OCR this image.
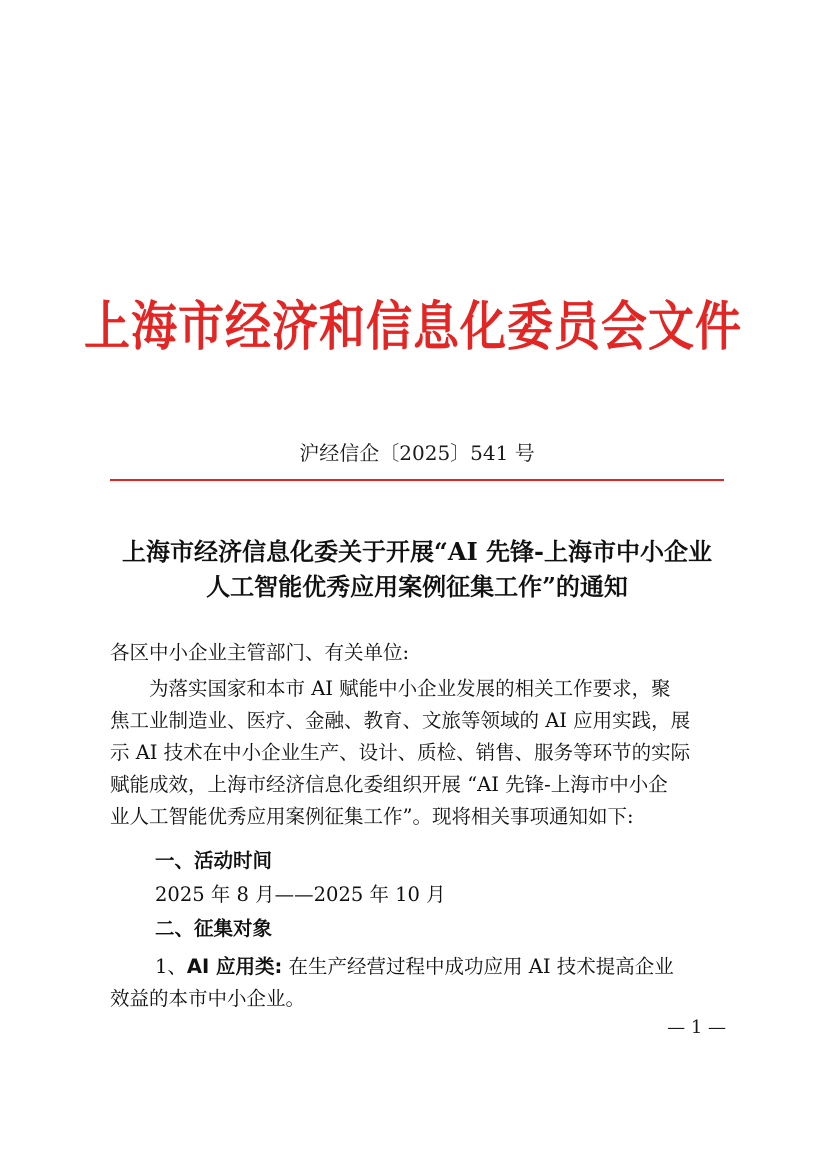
上海市经济和信息化委员会文件
沪经信企〔2025〕541 号
上海市经济信息化委关于开展“AI 先锋-上海市中小企业
人工智能优秀应用案例征集工作”的通知
各区中小企业主管部门、有关单位:
为落实国家和本市 AI 赋能中小企业发展的相关工作要求，聚
焦工业制造业、医疗、金融、教育、文旅等领域的 AI 应用实践，展
示 AI 技术在中小企业生产、设计、质检、销售、服务等环节的实际
赋能成效，上海市经济信息化委组织开展 “AI 先锋-上海市中小企
业人工智能优秀应用案例征集工作”。现将相关事项通知如下:
一、活动时间
2025 年 8 月——2025 年 10 月
二、征集对象
1、AI 应用类: 在生产经营过程中成功应用 AI 技术提高企业
效益的本市中小企业。
— 1 —
